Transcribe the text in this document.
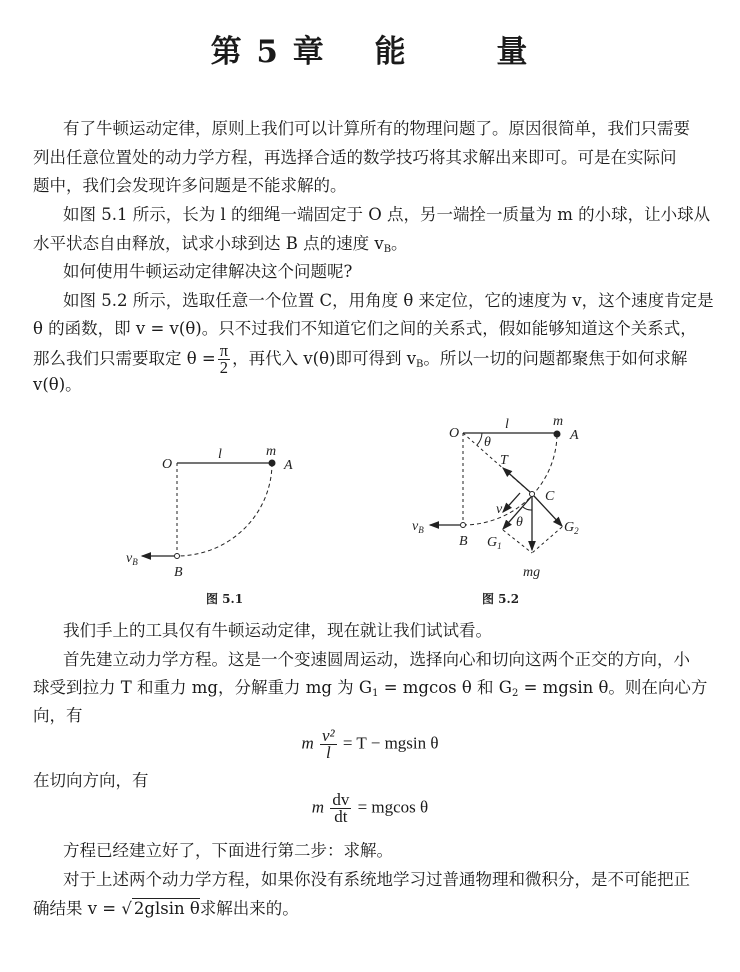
第 5 章 能	量
有了牛顿运动定律，原则上我们可以计算所有的物理问题了。原因很简单，我们只需要
列出任意位置处的动力学方程，再选择合适的数学技巧将其求解出来即可。可是在实际问
题中，我们会发现许多问题是不能求解的。
如图 5.1 所示，长为 l 的细绳一端固定于 O 点，另一端拴一质量为 m 的小球，让小球从
水平状态自由释放，试求小球到达 B 点的速度 $v_B$。
如何使用牛顿运动定律解决这个问题呢?
如图 5.2 所示，选取任意一个位置 C，用角度 θ 来定位，它的速度为 v，这个速度肯定是
θ 的函数，即 v = v(θ)。只不过我们不知道它们之间的关系式，假如能够知道这个关系式，
那么我们只需要取定 $\theta = \frac{\pi}{2}$ ，再代入 v(θ)即可得到 $v_B$。所以一切的问题都聚焦于如何求解
v(θ)。
O
l	m
A
$v_B$
B
图 5.1
O
l	m
A
θ
T
C
v
θ
$G_1$
$G_2$
mg
$v_B$
B
图 5.2
我们手上的工具仅有牛顿运动定律，现在就让我们试试看。
首先建立动力学方程。这是一个变速圆周运动，选择向心和切向这两个正交的方向，小
球受到拉力 T 和重力 mg，分解重力 mg 为 $G_1 = mgcos$ θ 和 $G_2 = mgsin$ θ。则在向心方
向，有
m $\frac{\text{v²}}{l} = T - mgsin$ θ
在切向方向，有
m $\frac{dv}{dt} = mgcos$ θ
方程已经建立好了，下面进行第二步：求解。
对于上述两个动力学方程，如果你没有系统地学习过普通物理和微积分，是不可能把正
确结果 v = √ 2glsin θ求解出来的。
